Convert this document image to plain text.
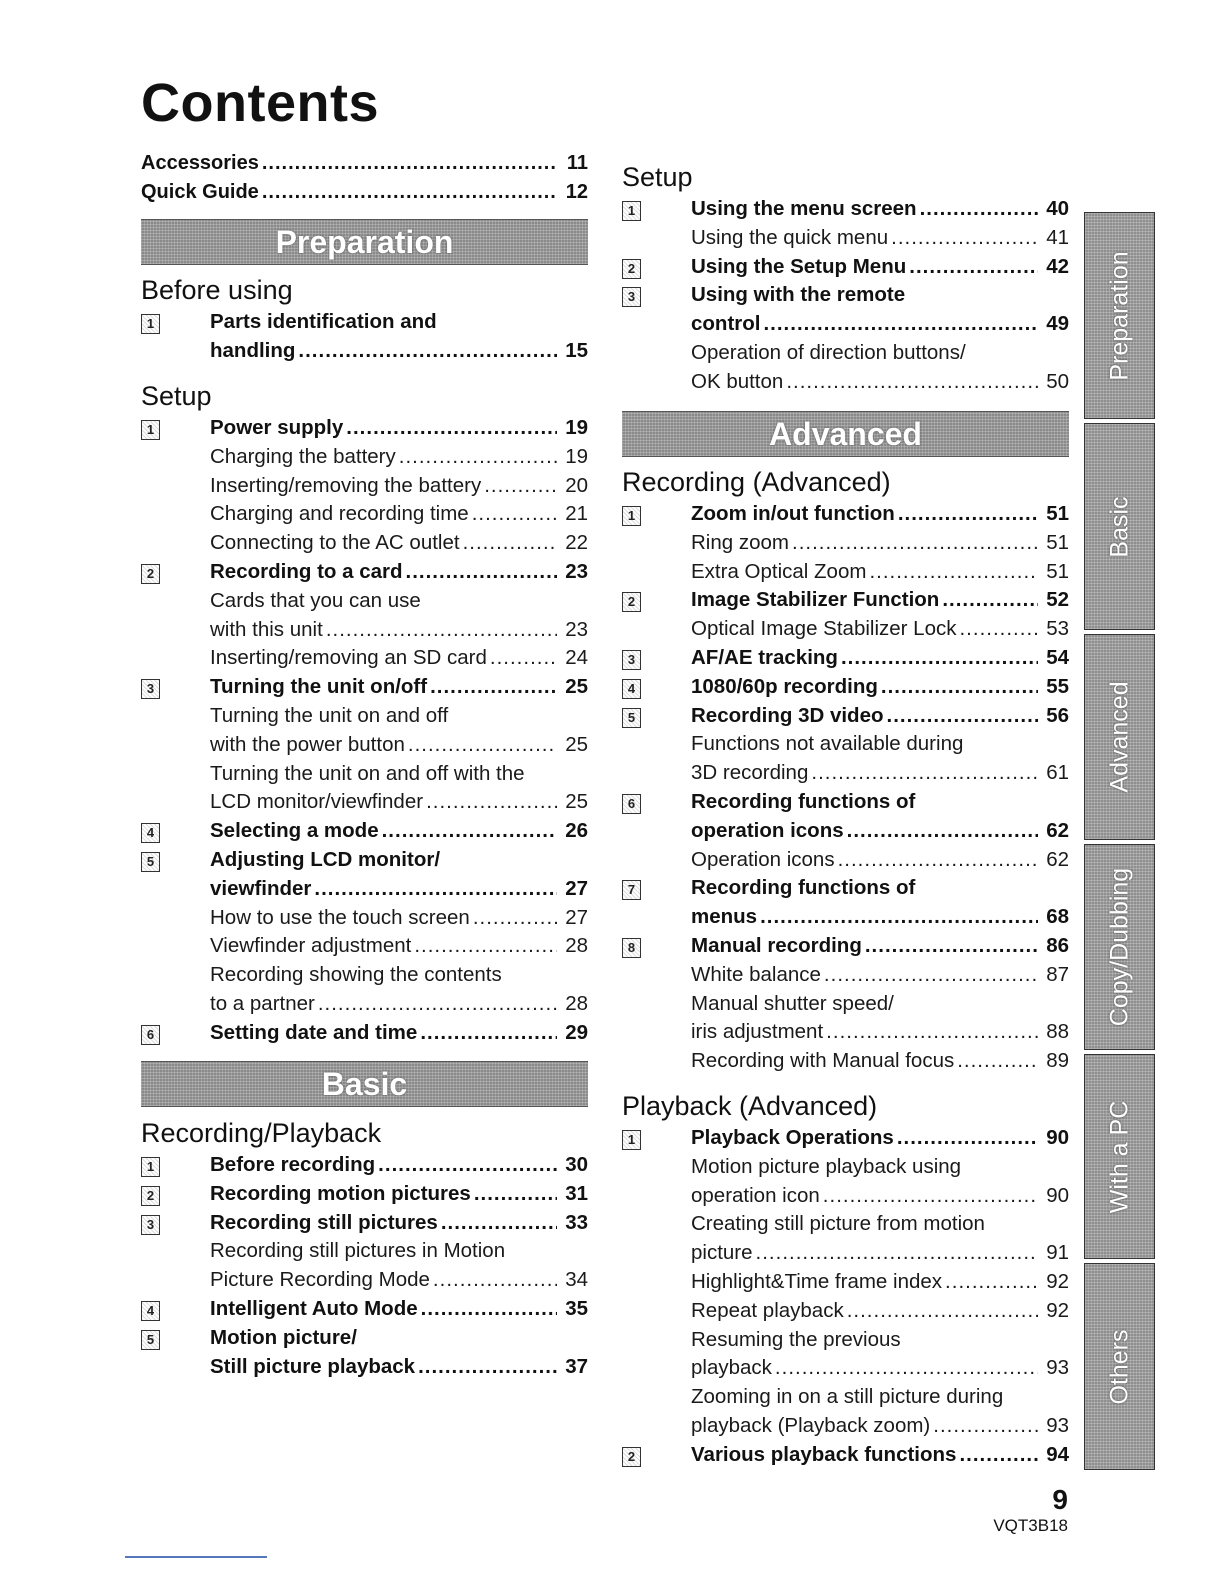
Contents
Accessories .....	11
Quick Guide .....	12
Preparation
Before using
1	Parts identification and
handling .....	15
Setup
1	Power supply .....	19
Charging the battery .....	19
Inserting/removing the battery .....	20
Charging and recording time .....	21
Connecting to the AC outlet .....	22
2	Recording to a card .....	23
Cards that you can use
with this unit .....	23
Inserting/removing an SD card .....	24
3	Turning the unit on/off .....	25
Turning the unit on and off
with the power button .....	25
Turning the unit on and off with the
LCD monitor/viewfinder .....	25
4	Selecting a mode .....	26
5	Adjusting LCD monitor/
viewfinder .....	27
How to use the touch screen .....	27
Viewfinder adjustment .....	28
Recording showing the contents
to a partner .....	28
6	Setting date and time .....	29
Basic
Recording/Playback
1	Before recording .....	30
2	Recording motion pictures .....	31
3	Recording still pictures .....	33
Recording still pictures in Motion
Picture Recording Mode .....	34
4	Intelligent Auto Mode .....	35
5	Motion picture/
Still picture playback .....	37
Setup
1	Using the menu screen .....	40
Using the quick menu .....	41
2	Using the Setup Menu .....	42
3	Using with the remote
control .....	49
Operation of direction buttons/
OK button .....	50
Advanced
Recording (Advanced)
1	Zoom in/out function .....	51
Ring zoom .....	51
Extra Optical Zoom .....	51
2	Image Stabilizer Function .....	52
Optical Image Stabilizer Lock .....	53
3	AF/AE tracking .....	54
4	1080/60p recording .....	55
5	Recording 3D video .....	56
Functions not available during
3D recording .....	61
6	Recording functions of
operation icons .....	62
Operation icons .....	62
7	Recording functions of
menus .....	68
8	Manual recording .....	86
White balance .....	87
Manual shutter speed/
iris adjustment .....	88
Recording with Manual focus .....	89
Playback (Advanced)
1	Playback Operations .....	90
Motion picture playback using
operation icon .....	90
Creating still picture from motion
picture .....	91
Highlight&Time frame index .....	92
Repeat playback .....	92
Resuming the previous
playback .....	93
Zooming in on a still picture during
playback (Playback zoom) .....	93
2	Various playback functions .....	94
Preparation
Basic
Advanced
Copy/Dubbing
With a PC
Others
9
VQT3B18
